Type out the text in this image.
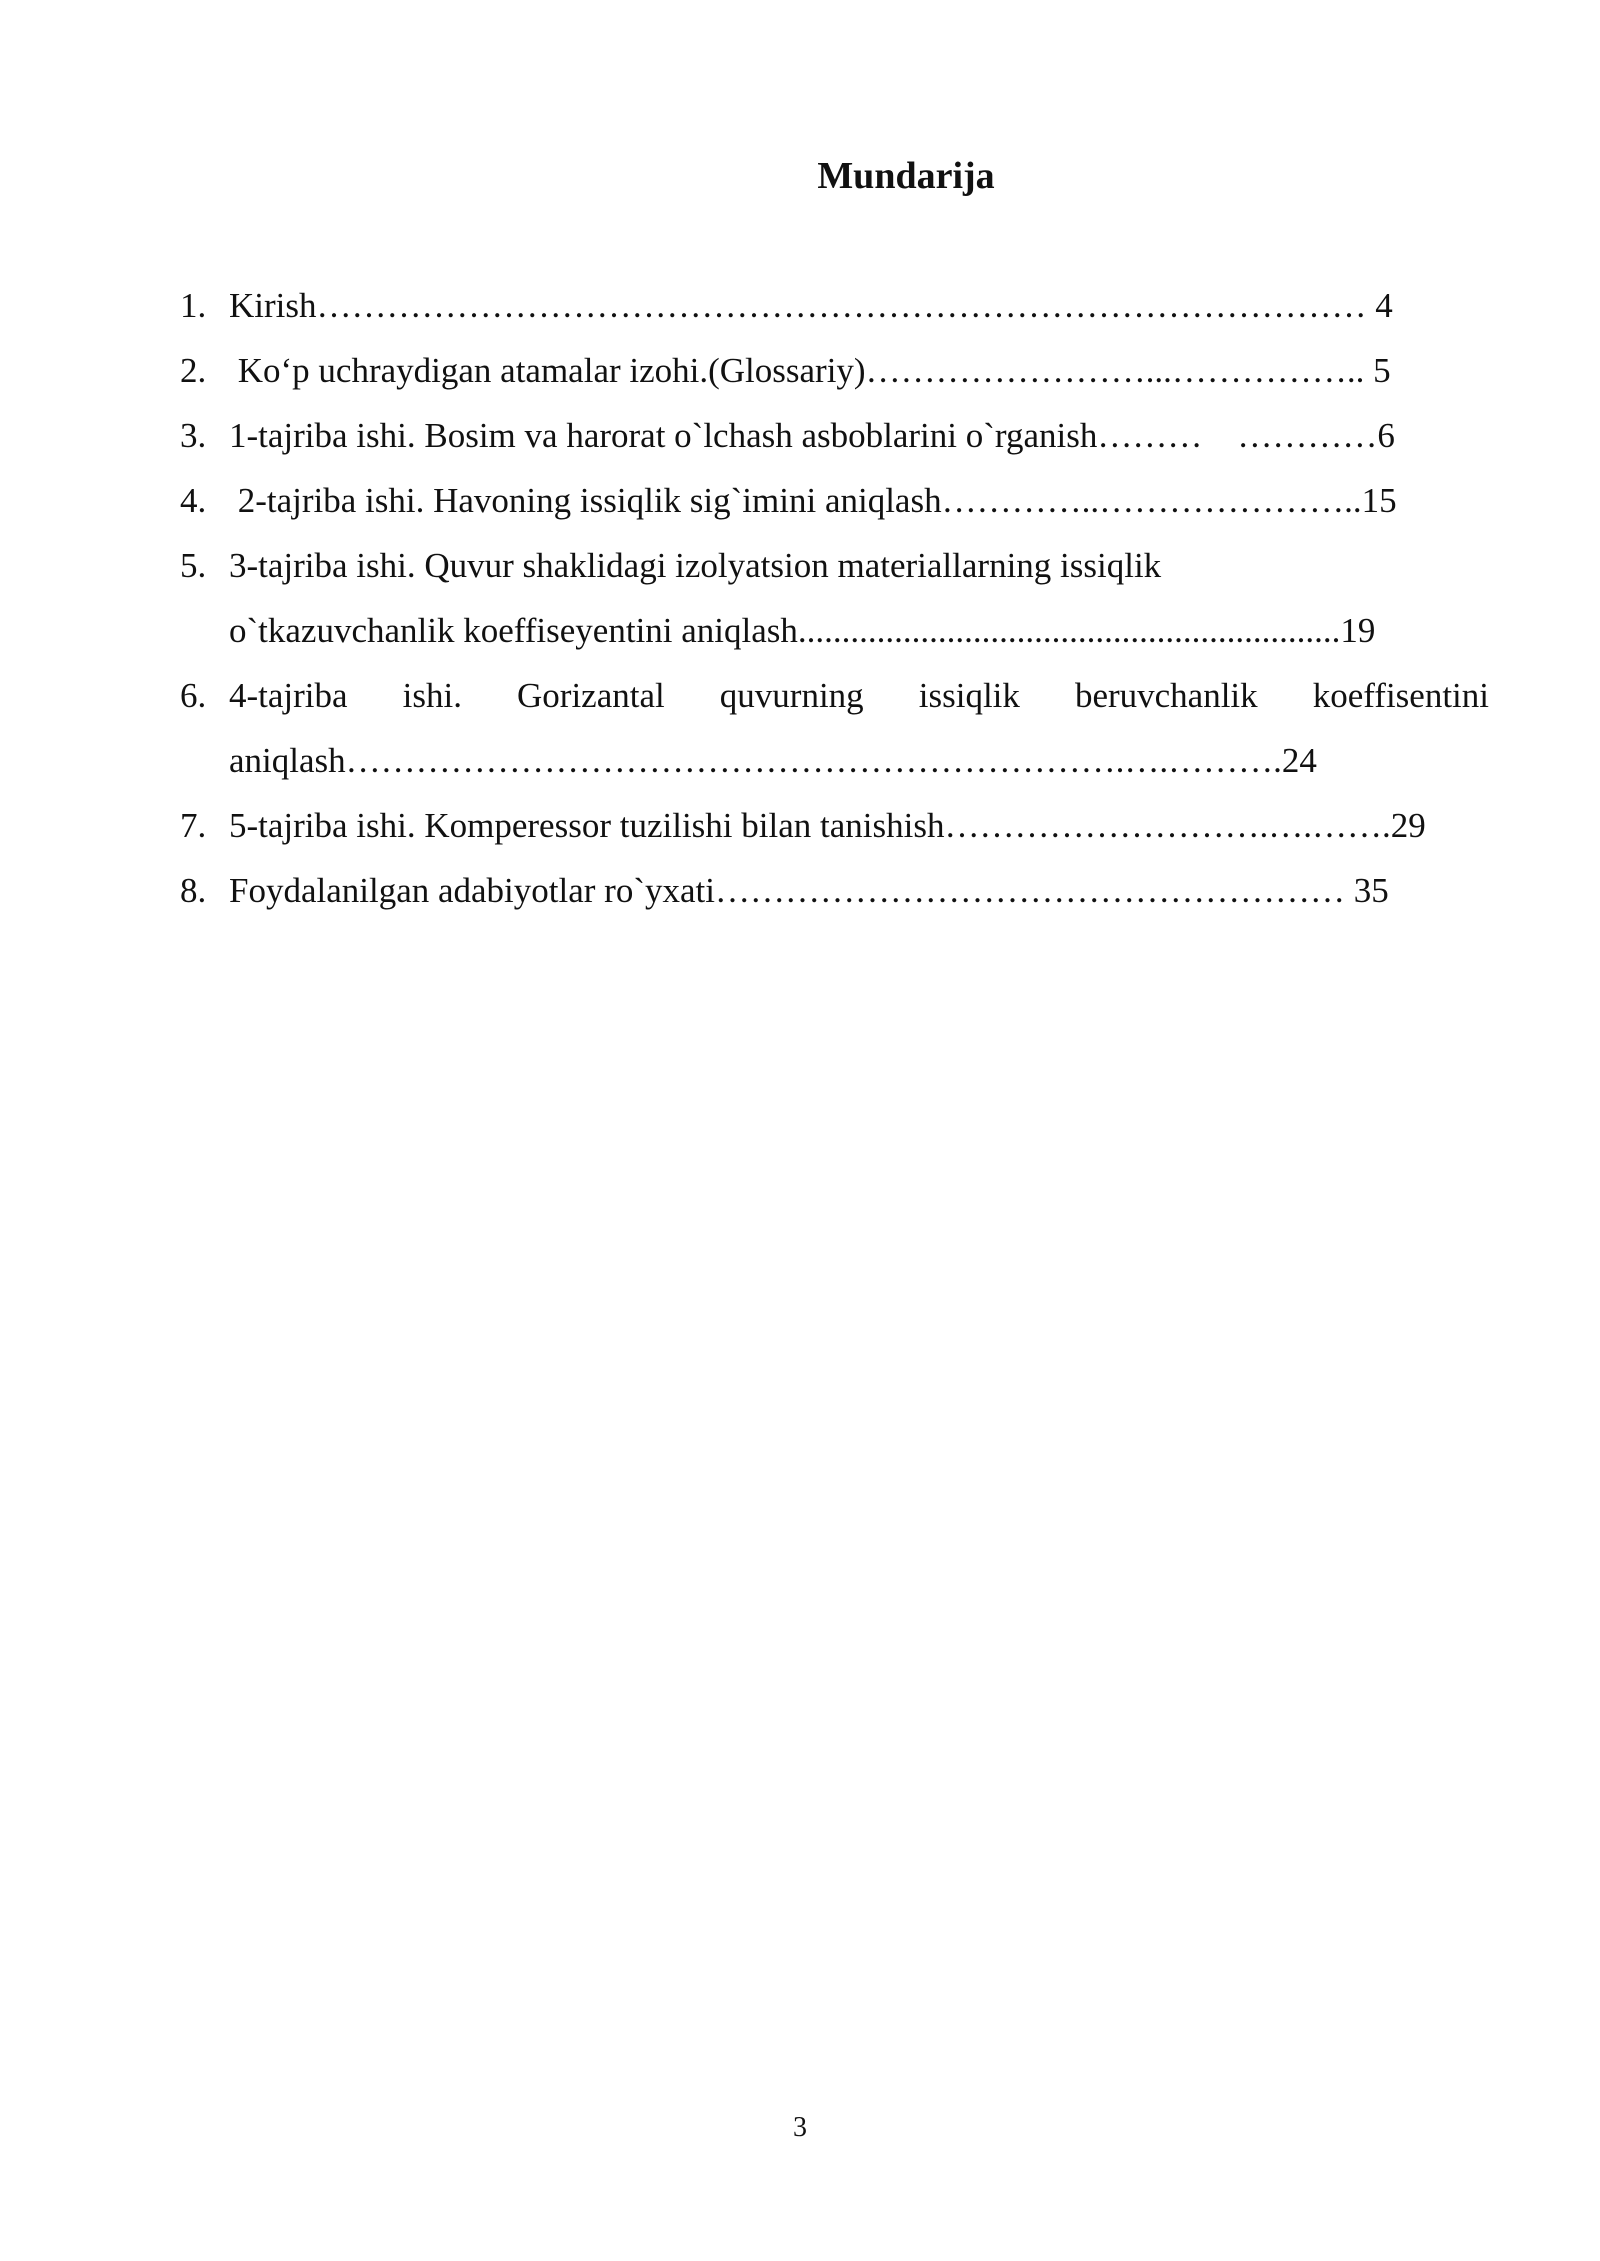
Mundarija
1. Kirish……………………………………………………………………………… 4
2. Ko‘p uchraydigan atamalar izohi.(Glossariy)……………………...…………….. 5
3. 1-tajriba ishi. Bosim va harorat o`lchash asboblarini o`rganish………    …………6
4. 2-tajriba ishi. Havoning issiqlik sig`imini aniqlash…………..…………………..15
5. 3-tajriba ishi. Quvur shaklidagi izolyatsion materiallarning issiqlik
o`tkazuvchanlik koeffiseyentini aniqlash..............................................................19
6. 4-tajriba ishi. Gorizantal quvurning issiqlik beruvchanlik koeffisentini
aniqlash………………………………………………………….….……….24
7. 5-tajriba ishi. Komperessor tuzilishi bilan tanishish……………………….….…….29
8. Foydalanilgan adabiyotlar ro`yxati……………………………………………… 35
3
